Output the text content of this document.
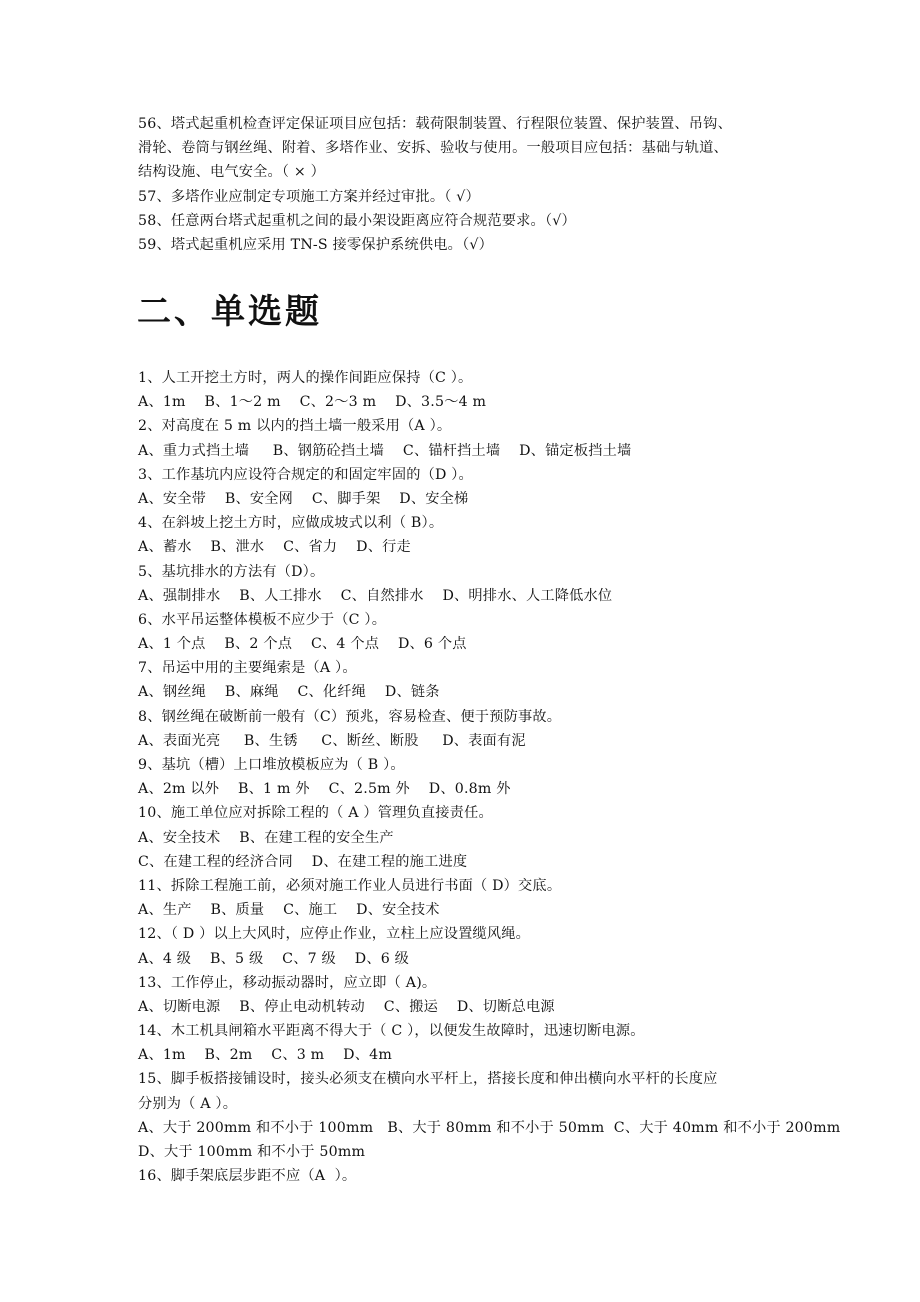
56、塔式起重机检查评定保证项目应包括：载荷限制装置、行程限位装置、保护装置、吊钩、
滑轮、卷筒与钢丝绳、附着、多塔作业、安拆、验收与使用。一般项目应包括：基础与轨道、
结构设施、电气安全。（ × ）
57、多塔作业应制定专项施工方案并经过审批。（ √）
58、任意两台塔式起重机之间的最小架设距离应符合规范要求。（√）
59、塔式起重机应采用 TN-S 接零保护系统供电。（√）
二、单选题
1、人工开挖土方时，两人的操作间距应保持（C ）。
A、1m    B、1～2 m    C、2～3 m    D、3.5～4 m
2、对高度在 5 m 以内的挡土墙一般采用（A ）。
A、重力式挡土墙     B、钢筋砼挡土墙    C、锚杆挡土墙    D、锚定板挡土墙
3、工作基坑内应设符合规定的和固定牢固的（D ）。
A、安全带    B、安全网    C、脚手架    D、安全梯
4、在斜坡上挖土方时，应做成坡式以利（ B）。
A、蓄水    B、泄水    C、省力    D、行走
5、基坑排水的方法有（D）。
A、强制排水    B、人工排水    C、自然排水    D、明排水、人工降低水位
6、水平吊运整体模板不应少于（C ）。
A、1 个点    B、2 个点    C、4 个点    D、6 个点
7、吊运中用的主要绳索是（A ）。
A、钢丝绳    B、麻绳    C、化纤绳    D、链条
8、钢丝绳在破断前一般有（C）预兆，容易检查、便于预防事故。
A、表面光亮     B、生锈     C、断丝、断股     D、表面有泥
9、基坑（槽）上口堆放模板应为（ B ）。
A、2m 以外    B、1 m 外    C、2.5m 外    D、0.8m 外
10、施工单位应对拆除工程的（ A ）管理负直接责任。
A、安全技术    B、在建工程的安全生产
C、在建工程的经济合同    D、在建工程的施工进度
11、拆除工程施工前，必须对施工作业人员进行书面（ D）交底。
A、生产    B、质量    C、施工    D、安全技术
12、（ D ）以上大风时，应停止作业，立柱上应设置缆风绳。
A、4 级    B、5 级    C、7 级    D、6 级
13、工作停止，移动振动器时，应立即（ A)。
A、切断电源    B、停止电动机转动    C、搬运    D、切断总电源
14、木工机具闸箱水平距离不得大于（ C ），以便发生故障时，迅速切断电源。
A、1m    B、2m    C、3 m    D、4m
15、脚手板搭接铺设时，接头必须支在横向水平杆上，搭接长度和伸出横向水平杆的长度应
分别为（ A ）。
A、大于 200mm 和不小于 100mm   B、大于 80mm 和不小于 50mm  C、大于 40mm 和不小于 200mm
D、大于 100mm 和不小于 50mm
16、脚手架底层步距不应（A  ）。
